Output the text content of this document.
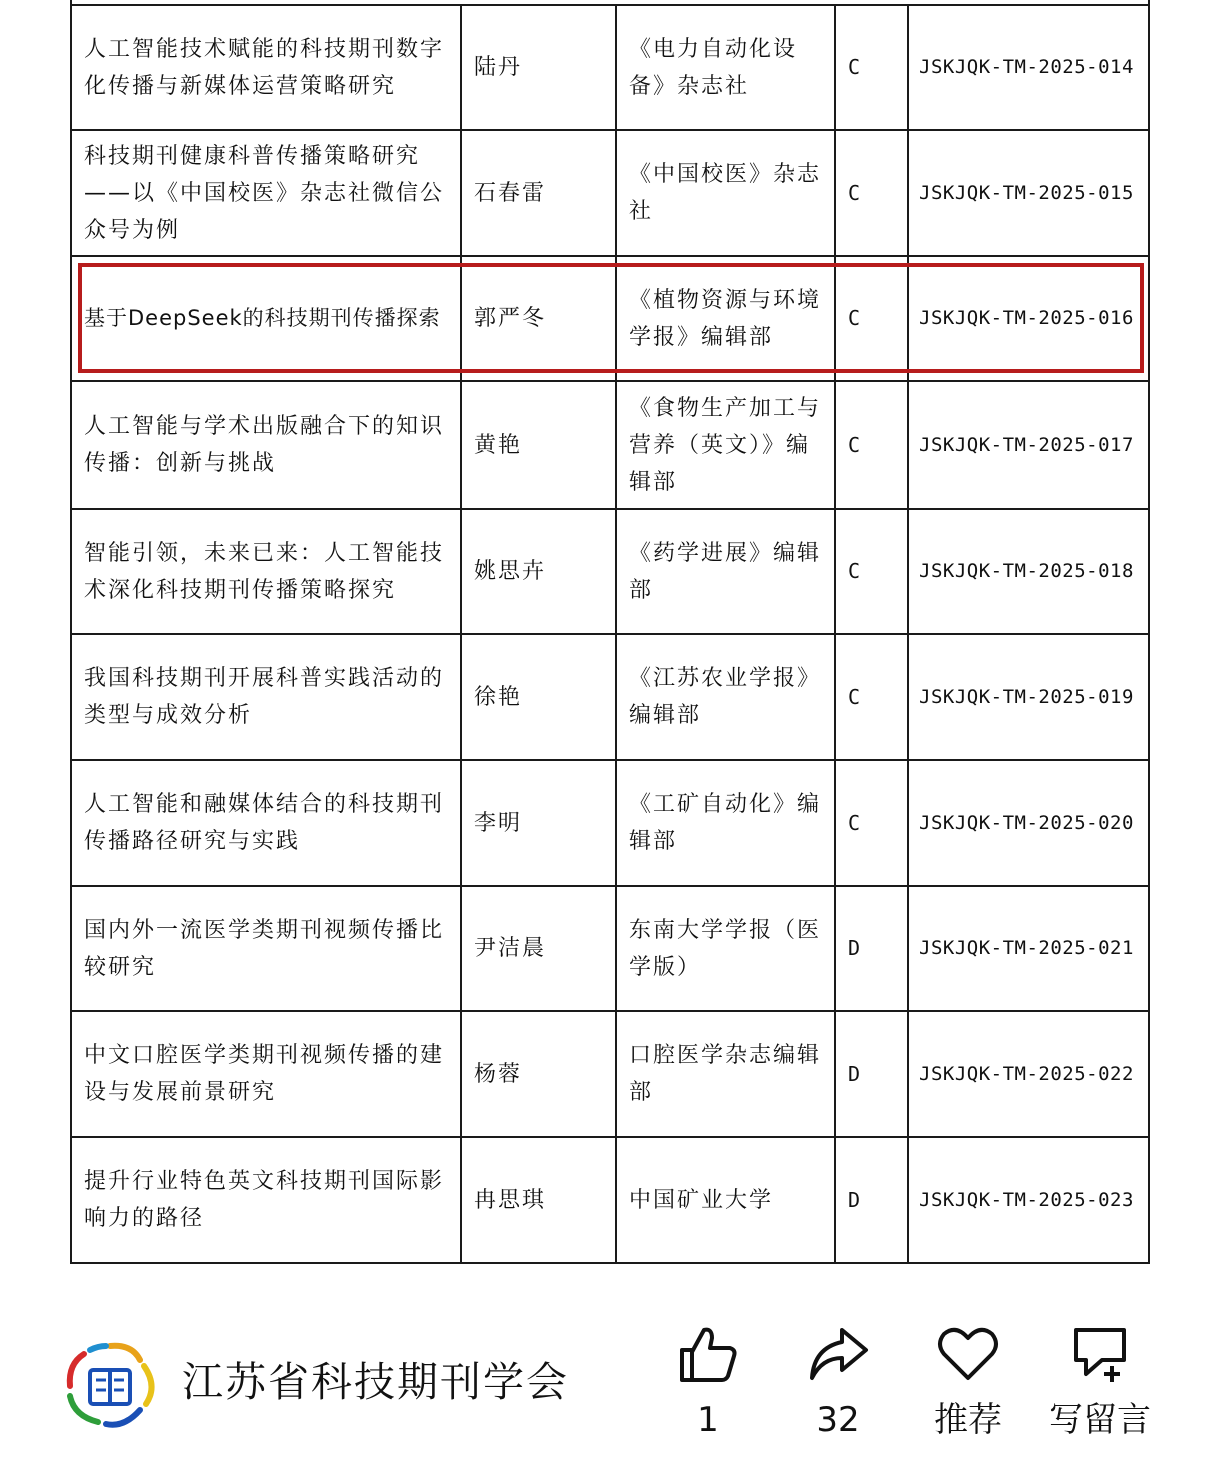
人工智能技术赋能的科技期刊数字化传播与新媒体运营策略研究	陆丹	《电力自动化设备》杂志社	C	JSKJQK-TM-2025-014
科技期刊健康科普传播策略研究——以《中国校医》杂志社微信公众号为例	石春雷	《中国校医》杂志社	C	JSKJQK-TM-2025-015
基于DeepSeek的科技期刊传播探索	郭严冬	《植物资源与环境学报》编辑部	C	JSKJQK-TM-2025-016
人工智能与学术出版融合下的知识传播：创新与挑战	黄艳	《食物生产加工与营养（英文）》编辑部	C	JSKJQK-TM-2025-017
智能引领，未来已来：人工智能技术深化科技期刊传播策略探究	姚思卉	《药学进展》编辑部	C	JSKJQK-TM-2025-018
我国科技期刊开展科普实践活动的类型与成效分析	徐艳	《江苏农业学报》编辑部	C	JSKJQK-TM-2025-019
人工智能和融媒体结合的科技期刊传播路径研究与实践	李明	《工矿自动化》编辑部	C	JSKJQK-TM-2025-020
国内外一流医学类期刊视频传播比较研究	尹洁晨	东南大学学报（医学版）	D	JSKJQK-TM-2025-021
中文口腔医学类期刊视频传播的建设与发展前景研究	杨蓉	口腔医学杂志编辑部	D	JSKJQK-TM-2025-022
提升行业特色英文科技期刊国际影响力的路径	冉思琪	中国矿业大学	D	JSKJQK-TM-2025-023
江苏省科技期刊学会
1	32	推荐	写留言
